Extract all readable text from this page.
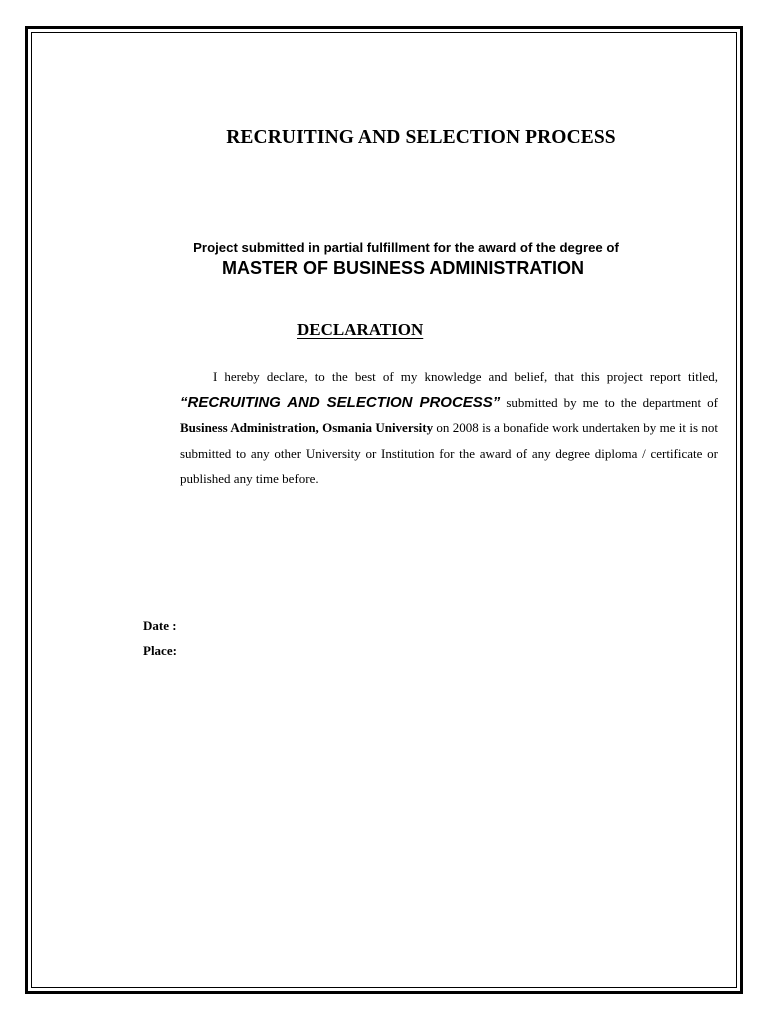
RECRUITING AND SELECTION PROCESS
Project submitted in partial fulfillment for the award of the degree of
MASTER OF BUSINESS ADMINISTRATION
DECLARATION

I hereby declare, to the best of my knowledge and belief, that this project report titled, “RECRUITING AND SELECTION PROCESS” submitted by me to the department of Business Administration, Osmania University on 2008 is a bonafide work undertaken by me it is not submitted to any other University or Institution for the award of any degree diploma / certificate or published any time before.

Date :
Place:
